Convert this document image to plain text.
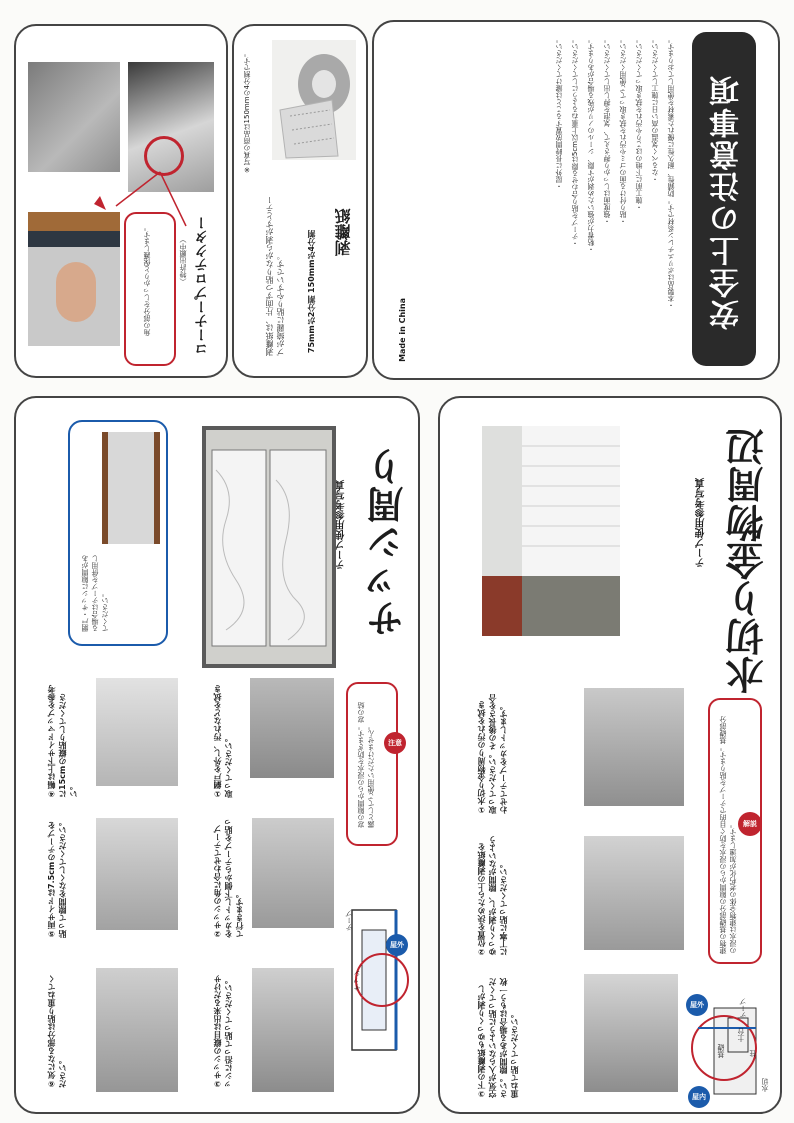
安全上の注意事項
・本製品はポリエチレン系材です。防錆性、耐久性に優れた素材を使用しております。
・なるべく気温の高い日に施工してください。
・施工前に下地のほこりや汚れを拭き取ってください。
・貼り付ける面のゴミや汚れを拭き取ってご使用ください。
・強度面はしっかり押さえて、気泡を押し出してください。
・粘着力が強いため剥がす際、シールのノリが残る場合があります。
・テープを貼り合わせる際は5cm以上重ねるようにしてください。
・屋外に長時間放置することは避けてください。
Made in China
※写真の商品は150mmの4分割です。
剥離紙
75mmが2分割 150mmが4分割
剥離紙は、片面ずつ貼りながら剥がすとテープが綺麗に貼りやすいです。
角の部分をしっかりと保護します。	コーナープロテクター
（特許出願中）
サッシ周り
テープ使用参考写真
網戸・サッシに隙間がある場合はテープを併用してください。
窓の隙間からの浸水を防ぎます。窓の結露としてご使用いただけません。	注意
①網戸を外し、汚れなどを拭き取ってください。
②サッシの角に合わせてテープをカットし下側からテープを貼って行きます。
③サッシの縦目は出来るだけサッシに沿って貼ってください。
④幅は上下サイドマップを参考に15cmの縦貼りしてください。
⑤両サイドは7.5cmのテープを貼って隙間をなくしてください。
⑥気になる部分は貼り重ねてください。
屋外
サッシ
テープ
水切り金物周辺
テープ使用参考写真
建物の基礎部分の隙間からの浸水を防ぐ目的でテープを貼ります。基礎部分の浸水は建物全体の老朽化が加速します。 解説
①水切り金物周りの汚れを拭き取ってください。その後長さを合わせてテープをカットします。
②位置を決めたら上の剥離紙をゆっくり剥がし、隙間がないように丁寧に貼ってください。
③下の剥離紙もゆっくり剥がし空気が入らないように貼ってください。隙間がある場合はもう一枚重ねて貼ってください。
屋外
屋内
テープ
基礎
土台
柱
水切
